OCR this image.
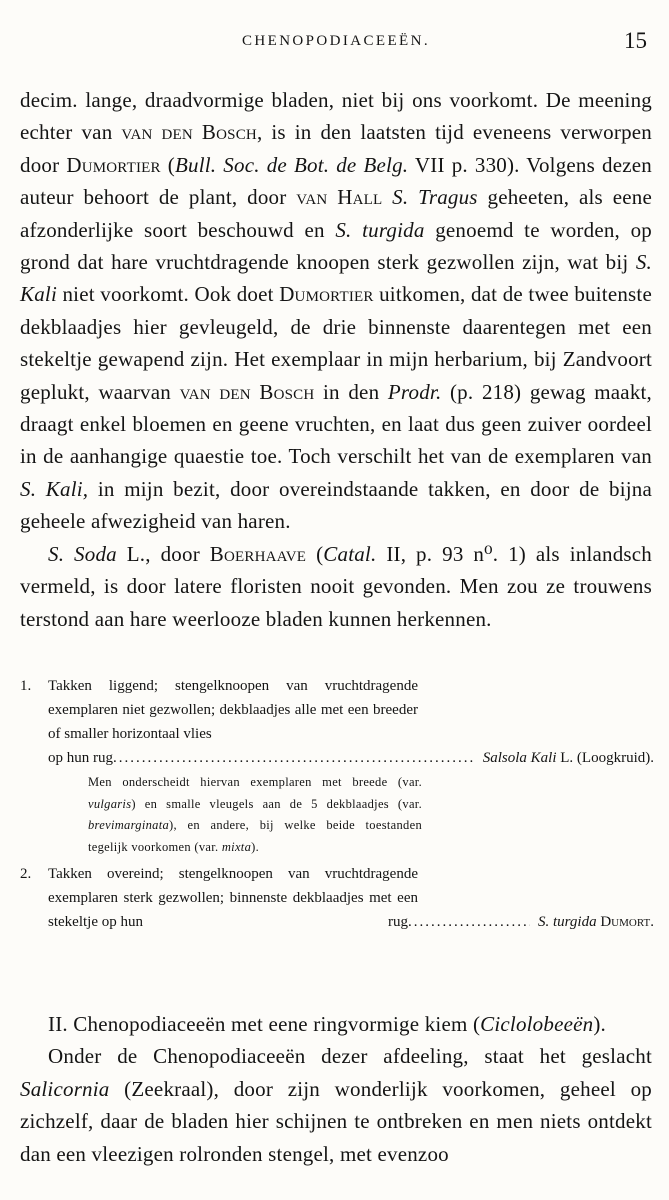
CHENOPODIACEEËN.	15

decim. lange, draadvormige bladen, niet bij ons voorkomt. De meening echter van van den Bosch, is in den laatsten tijd eveneens verworpen door Dumortier (Bull. Soc. de Bot. de Belg. VII p. 330). Volgens dezen auteur behoort de plant, door van Hall S. Tragus geheeten, als eene afzonderlijke soort beschouwd en S. turgida genoemd te worden, op grond dat hare vruchtdragende knoopen sterk gezwollen zijn, wat bij S. Kali niet voorkomt. Ook doet Dumortier uitkomen, dat de twee buitenste dekblaadjes hier gevleugeld, de drie binnenste daarentegen met een stekeltje gewapend zijn. Het exemplaar in mijn herbarium, bij Zandvoort geplukt, waarvan van den Bosch in den Prodr. (p. 218) gewag maakt, draagt enkel bloemen en geene vruchten, en laat dus geen zuiver oordeel in de aanhangige quaestie toe. Toch verschilt het van de exemplaren van S. Kali, in mijn bezit, door overeindstaande takken, en door de bijna geheele afwezigheid van haren.

S. Soda L., door Boerhaave (Catal. II, p. 93 n⁰. 1) als inlandsch vermeld, is door latere floristen nooit gevonden. Men zou ze trouwens terstond aan hare weerlooze bladen kunnen herkennen.

1. Takken liggend; stengelknoopen van vruchtdragende exemplaren niet gezwollen; dekblaadjes alle met een breeder of smaller horizontaal vlies
op hun rug .....	Salsola Kali L. (Loogkruid).
Men onderscheidt hiervan exemplaren met breede (var. vulgaris) en smalle vleugels aan de 5 dekblaadjes (var. brevimarginata), en andere, bij welke beide toestanden tegelijk voorkomen (var. mixta).
2. Takken overeind; stengelknoopen van vruchtdragende exemplaren sterk gezwollen; binnenste dekblaadjes met een stekeltje op hun	rug .....	S. turgida Dumort.

II. Chenopodiaceeën met eene ringvormige kiem (Ciclolobeeën).

Onder de Chenopodiaceeën dezer afdeeling, staat het geslacht Salicornia (Zeekraal), door zijn wonderlijk voorkomen, geheel op zichzelf, daar de bladen hier schijnen te ontbreken en men niets ontdekt dan een vleezigen rolronden stengel, met evenzoo
